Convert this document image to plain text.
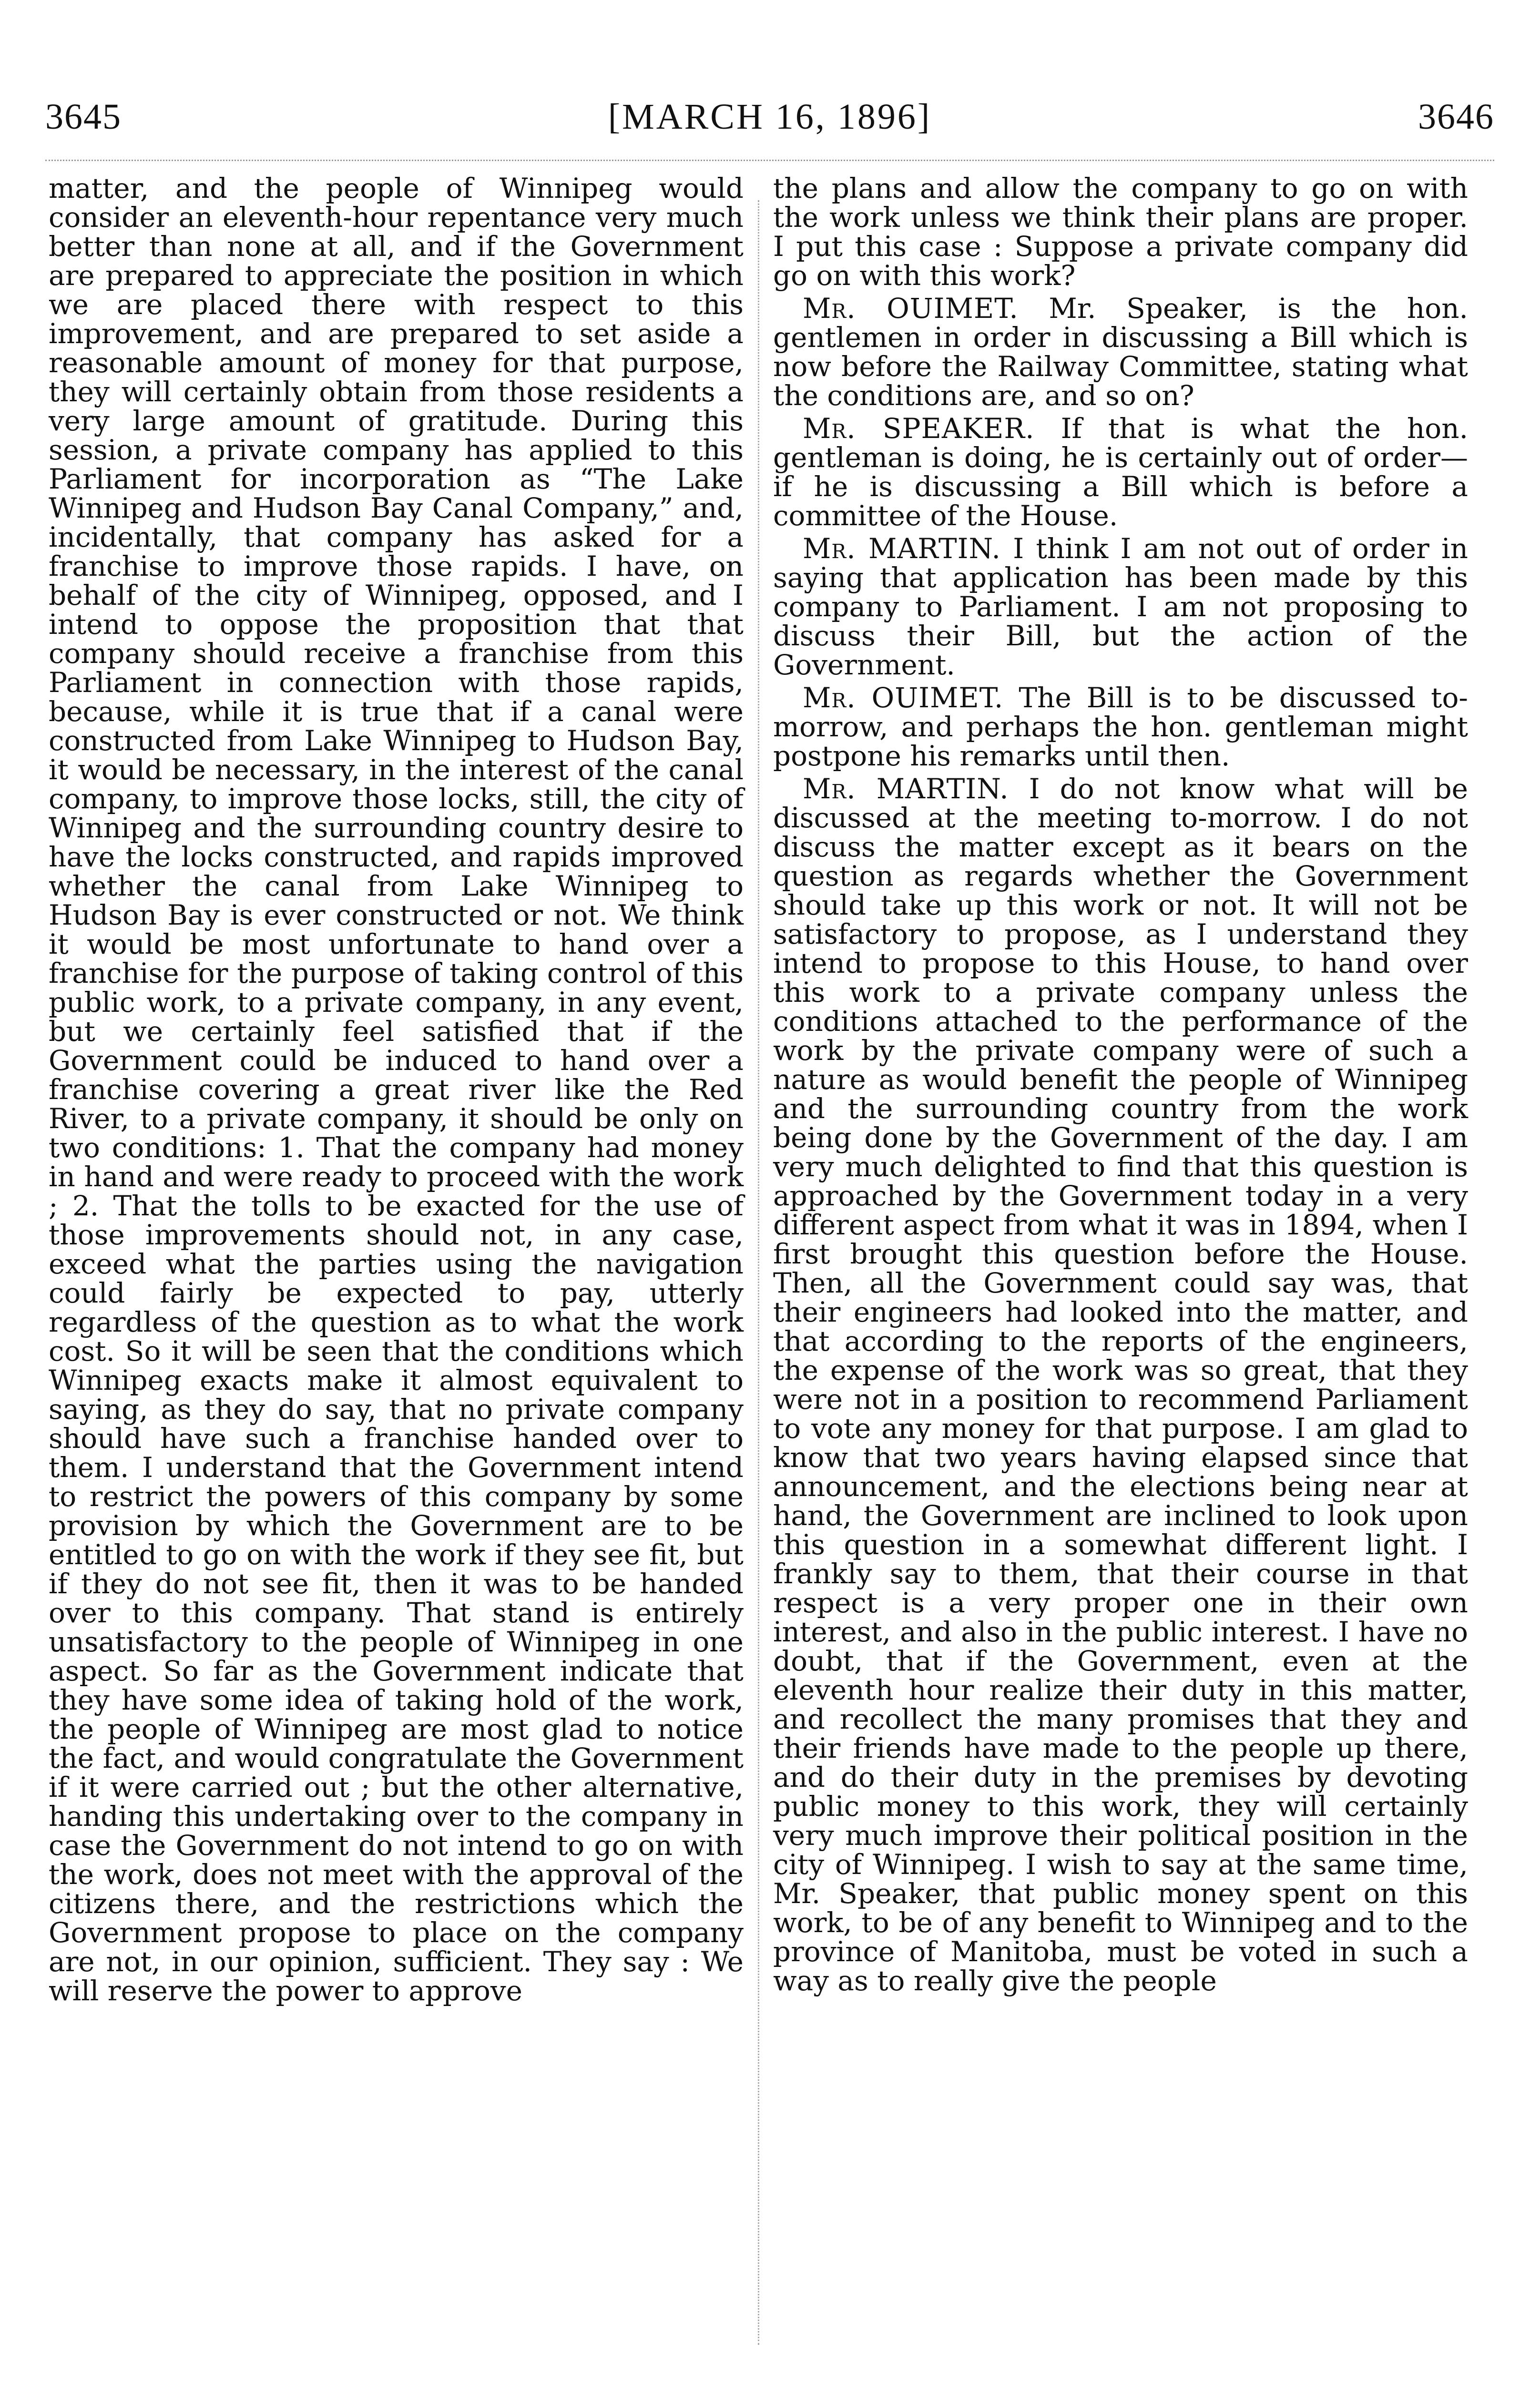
3645	[MARCH 16, 1896]	3646

matter, and the people of Winnipeg would consider an eleventh-hour repentance very much better than none at all, and if the Government are prepared to appreciate the position in which we are placed there with respect to this improvement, and are prepared to set aside a reasonable amount of money for that purpose, they will certainly obtain from those residents a very large amount of gratitude. During this session, a private company has applied to this Parliament for incorporation as “The Lake Winnipeg and Hudson Bay Canal Company,” and, incidentally, that company has asked for a franchise to improve those rapids. I have, on behalf of the city of Winnipeg, opposed, and I intend to oppose the proposition that that company should receive a franchise from this Parliament in connection with those rapids, because, while it is true that if a canal were constructed from Lake Winnipeg to Hudson Bay, it would be necessary, in the interest of the canal company, to improve those locks, still, the city of Winnipeg and the surrounding country desire to have the locks constructed, and rapids improved whether the canal from Lake Winnipeg to Hudson Bay is ever constructed or not. We think it would be most unfortunate to hand over a franchise for the purpose of taking control of this public work, to a private company, in any event, but we certainly feel satisfied that if the Government could be induced to hand over a franchise covering a great river like the Red River, to a private company, it should be only on two conditions: 1. That the company had money in hand and were ready to proceed with the work ; 2. That the tolls to be exacted for the use of those improvements should not, in any case, exceed what the parties using the navigation could fairly be expected to pay, utterly regardless of the question as to what the work cost. So it will be seen that the conditions which Winnipeg exacts make it almost equivalent to saying, as they do say, that no private company should have such a franchise handed over to them. I understand that the Government intend to restrict the powers of this company by some provision by which the Government are to be entitled to go on with the work if they see fit, but if they do not see fit, then it was to be handed over to this company. That stand is entirely unsatisfactory to the people of Winnipeg in one aspect. So far as the Government indicate that they have some idea of taking hold of the work, the people of Winnipeg are most glad to notice the fact, and would congratulate the Government if it were carried out ; but the other alternative, handing this undertaking over to the company in case the Government do not intend to go on with the work, does not meet with the approval of the citizens there, and the restrictions which the Government propose to place on the company are not, in our opinion, sufficient. They say : We will reserve the power to approve

the plans and allow the company to go on with the work unless we think their plans are proper. I put this case : Suppose a private company did go on with this work?

Mr. OUIMET. Mr. Speaker, is the hon. gentlemen in order in discussing a Bill which is now before the Railway Committee, stating what the conditions are, and so on?

Mr. SPEAKER. If that is what the hon. gentleman is doing, he is certainly out of order—if he is discussing a Bill which is before a committee of the House.

Mr. MARTIN. I think I am not out of order in saying that application has been made by this company to Parliament. I am not proposing to discuss their Bill, but the action of the Government.

Mr. OUIMET. The Bill is to be discussed to-morrow, and perhaps the hon. gentleman might postpone his remarks until then.

Mr. MARTIN. I do not know what will be discussed at the meeting to-morrow. I do not discuss the matter except as it bears on the question as regards whether the Government should take up this work or not. It will not be satisfactory to propose, as I understand they intend to propose to this House, to hand over this work to a private company unless the conditions attached to the performance of the work by the private company were of such a nature as would benefit the people of Winnipeg and the surrounding country from the work being done by the Government of the day. I am very much delighted to find that this question is approached by the Government today in a very different aspect from what it was in 1894, when I first brought this question before the House. Then, all the Government could say was, that their engineers had looked into the matter, and that according to the reports of the engineers, the expense of the work was so great, that they were not in a position to recommend Parliament to vote any money for that purpose. I am glad to know that two years having elapsed since that announcement, and the elections being near at hand, the Government are inclined to look upon this question in a somewhat different light. I frankly say to them, that their course in that respect is a very proper one in their own interest, and also in the public interest. I have no doubt, that if the Government, even at the eleventh hour realize their duty in this matter, and recollect the many promises that they and their friends have made to the people up there, and do their duty in the premises by devoting public money to this work, they will certainly very much improve their political position in the city of Winnipeg. I wish to say at the same time, Mr. Speaker, that public money spent on this work, to be of any benefit to Winnipeg and to the province of Manitoba, must be voted in such a way as to really give the people
